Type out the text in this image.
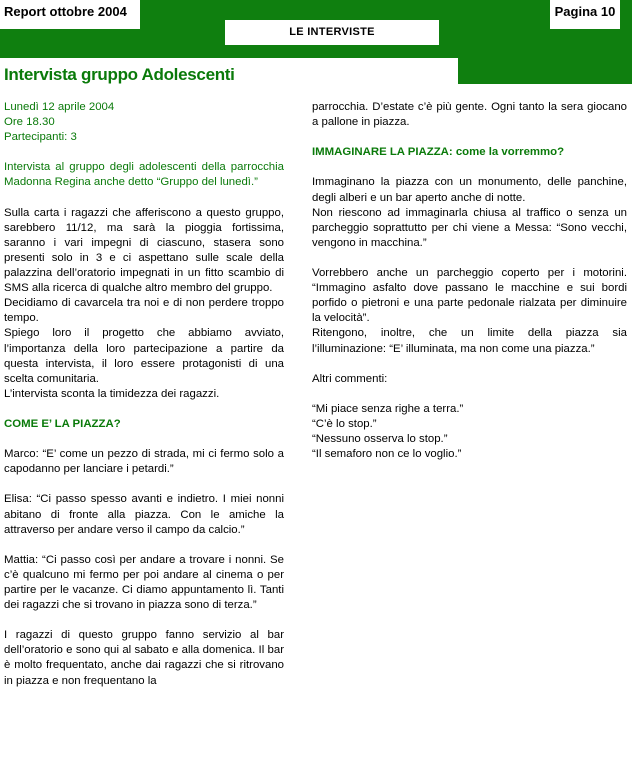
Report ottobre 2004	Pagina 10
LE INTERVISTE
Intervista gruppo Adolescenti

Lunedì 12 aprile 2004

Ore 18.30

Partecipanti: 3

Intervista al gruppo degli adolescenti della parrocchia Madonna Regina anche detto “Gruppo del lunedì.”

Sulla carta i ragazzi che afferiscono a questo gruppo, sarebbero 11/12, ma sarà la pioggia fortissima, saranno i vari impegni di ciascuno, stasera sono presenti solo in 3 e ci aspettano sulle scale della palazzina dell’oratorio impegnati in un fitto scambio di SMS alla ricerca di qualche altro membro del gruppo.

Decidiamo di cavarcela tra noi e di non perdere troppo tempo.

Spiego loro il progetto che abbiamo avviato, l’importanza della loro partecipazione a partire da questa intervista, il loro essere protagonisti di una scelta comunitaria.

L’intervista sconta la timidezza dei ragazzi.

COME E’ LA PIAZZA?

Marco: “E’ come un pezzo di strada, mi ci fermo solo a capodanno per lanciare i petardi.”

Elisa: “Ci passo spesso avanti e indietro. I miei nonni abitano di fronte alla piazza. Con le amiche la attraverso per andare verso il campo da calcio.”

Mattia: “Ci passo così per andare a trovare i nonni. Se c’è qualcuno mi fermo per poi andare al cinema o per partire per le vacanze. Ci diamo appuntamento lì. Tanti dei ragazzi che si trovano in piazza sono di terza.”

I ragazzi di questo gruppo fanno servizio al bar dell’oratorio e sono qui al sabato e alla domenica. Il bar è molto frequentato, anche dai ragazzi che si ritrovano in piazza e non frequentano la

parrocchia. D’estate c’è più gente. Ogni tanto la sera giocano a pallone in piazza.

IMMAGINARE LA PIAZZA: come la vorremmo?

Immaginano la piazza con un monumento, delle panchine, degli alberi e un bar aperto anche di notte.

Non riescono ad immaginarla chiusa al traffico o senza un parcheggio soprattutto per chi viene a Messa: “Sono vecchi, vengono in macchina.”

Vorrebbero anche un parcheggio coperto per i motorini. “Immagino asfalto dove passano le macchine e sui bordi porfido o pietroni e una parte pedonale rialzata per diminuire la velocità”.

Ritengono, inoltre, che un limite della piazza sia l’illuminazione: “E’ illuminata, ma non come una piazza.”

Altri commenti:

“Mi piace senza righe a terra.”

“C’è lo stop.”

“Nessuno osserva lo stop.”

“Il semaforo non ce lo voglio.”
